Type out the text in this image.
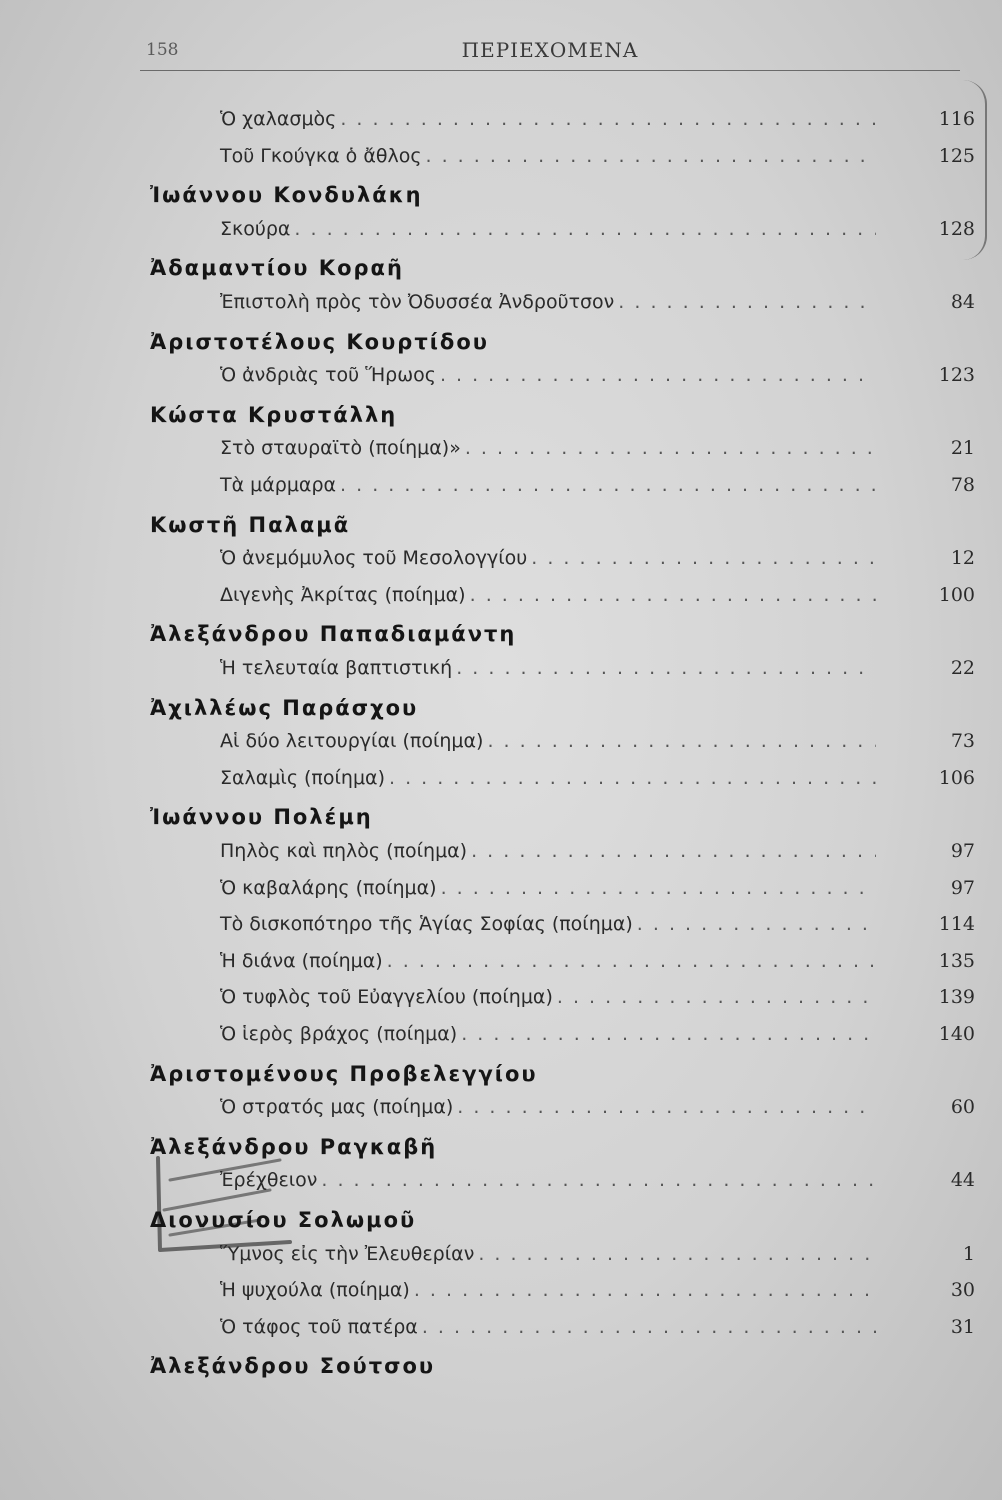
158	ΠΕΡΙΕΧΟΜΕΝΑ
Ὁ χαλασμὸς . . .	116
Τοῦ Γκούγκα ὁ ἄθλος . . .	125
Ἰωάννου Κονδυλάκη
Σκούρα . . .	128
Ἀδαμαντίου Κοραῆ
Ἐπιστολὴ πρὸς τὸν Ὀδυσσέα Ἀνδροῦτσον . . .	84
Ἀριστοτέλους Κουρτίδου
Ὁ ἀνδριὰς τοῦ Ἥρωος . . .	123
Κώστα Κρυστάλλη
Στὸ σταυραϊτὸ (ποίημα)» . . .	21
Τὰ μάρμαρα . . .	78
Κωστῆ Παλαμᾶ
Ὁ ἀνεμόμυλος τοῦ Μεσολογγίου . . .	12
Διγενὴς Ἀκρίτας (ποίημα) . . .	100
Ἀλεξάνδρου Παπαδιαμάντη
Ἡ τελευταία βαπτιστική . . .	22
Ἀχιλλέως Παράσχου
Αἱ δύο λειτουργίαι (ποίημα) . . .	73
Σαλαμὶς (ποίημα) . . .	106
Ἰωάννου Πολέμη
Πηλὸς καὶ πηλὸς (ποίημα) . . .	97
Ὁ καβαλάρης (ποίημα) . . .	97
Τὸ δισκοπότηρο τῆς Ἁγίας Σοφίας (ποίημα) . . .	114
Ἡ διάνα (ποίημα) . . .	135
Ὁ τυφλὸς τοῦ Εὐαγγελίου (ποίημα) . . .	139
Ὁ ἱερὸς βράχος (ποίημα) . . .	140
Ἀριστομένους Προβελεγγίου
Ὁ στρατός μας (ποίημα) . . .	60
Ἀλεξάνδρου Ραγκαβῆ
Ἐρέχθειον . . .	44
Διονυσίου Σολωμοῦ
Ὕμνος εἰς τὴν Ἐλευθερίαν . . .	1
Ἡ ψυχούλα (ποίημα) . . .	30
Ὁ τάφος τοῦ πατέρα . . .	31
Ἀλεξάνδρου Σούτσου
